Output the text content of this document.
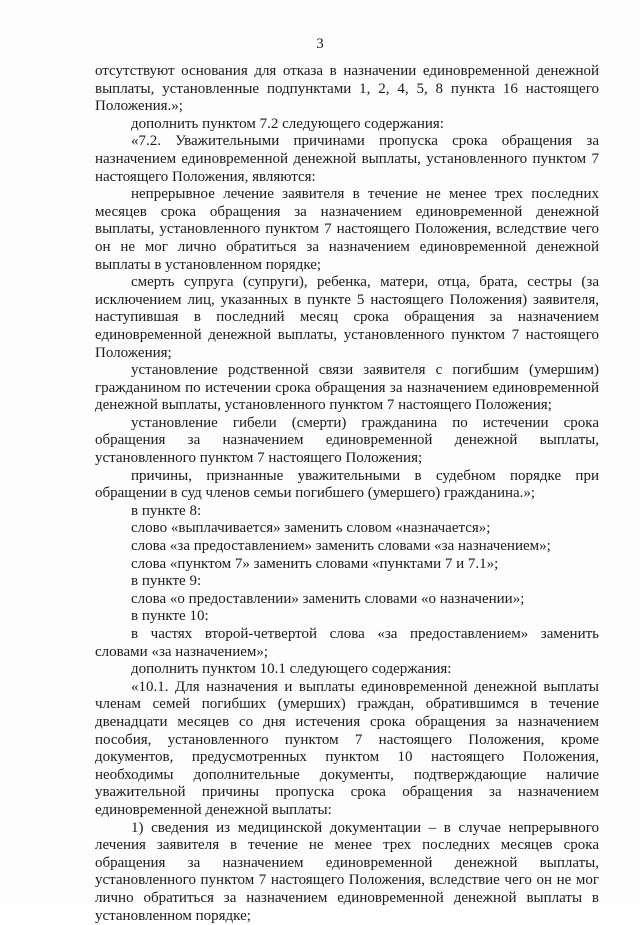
3

отсутствуют основания для отказа в назначении единовременной денежной выплаты, установленные подпунктами 1, 2, 4, 5, 8 пункта 16 настоящего Положения.»;

дополнить пунктом 7.2 следующего содержания:

«7.2. Уважительными причинами пропуска срока обращения за назначением единовременной денежной выплаты, установленного пунктом 7 настоящего Положения, являются:

непрерывное лечение заявителя в течение не менее трех последних месяцев срока обращения за назначением единовременной денежной выплаты, установленного пунктом 7 настоящего Положения, вследствие чего он не мог лично обратиться за назначением единовременной денежной выплаты в установленном порядке;

смерть супруга (супруги), ребенка, матери, отца, брата, сестры (за исключением лиц, указанных в пункте 5 настоящего Положения) заявителя, наступившая в последний месяц срока обращения за назначением единовременной денежной выплаты, установленного пунктом 7 настоящего Положения;

установление родственной связи заявителя с погибшим (умершим) гражданином по истечении срока обращения за назначением единовременной денежной выплаты, установленного пунктом 7 настоящего Положения;

установление гибели (смерти) гражданина по истечении срока обращения за назначением единовременной денежной выплаты, установленного пунктом 7 настоящего Положения;

причины, признанные уважительными в судебном порядке при обращении в суд членов семьи погибшего (умершего) гражданина.»;

в пункте 8:

слово «выплачивается» заменить словом «назначается»;

слова «за предоставлением» заменить словами «за назначением»;

слова «пунктом 7» заменить словами «пунктами 7 и 7.1»;

в пункте 9:

слова «о предоставлении» заменить словами «о назначении»;

в пункте 10:

в частях второй-четвертой слова «за предоставлением» заменить словами «за назначением»;

дополнить пунктом 10.1 следующего содержания:

«10.1. Для назначения и выплаты единовременной денежной выплаты членам семей погибших (умерших) граждан, обратившимся в течение двенадцати месяцев со дня истечения срока обращения за назначением пособия, установленного пунктом 7 настоящего Положения, кроме документов, предусмотренных пунктом 10 настоящего Положения, необходимы дополнительные документы, подтверждающие наличие уважительной причины пропуска срока обращения за назначением единовременной денежной выплаты:

1) сведения из медицинской документации – в случае непрерывного лечения заявителя в течение не менее трех последних месяцев срока обращения за назначением единовременной денежной выплаты, установленного пунктом 7 настоящего Положения, вследствие чего он не мог лично обратиться за назначением единовременной денежной выплаты в установленном порядке;
